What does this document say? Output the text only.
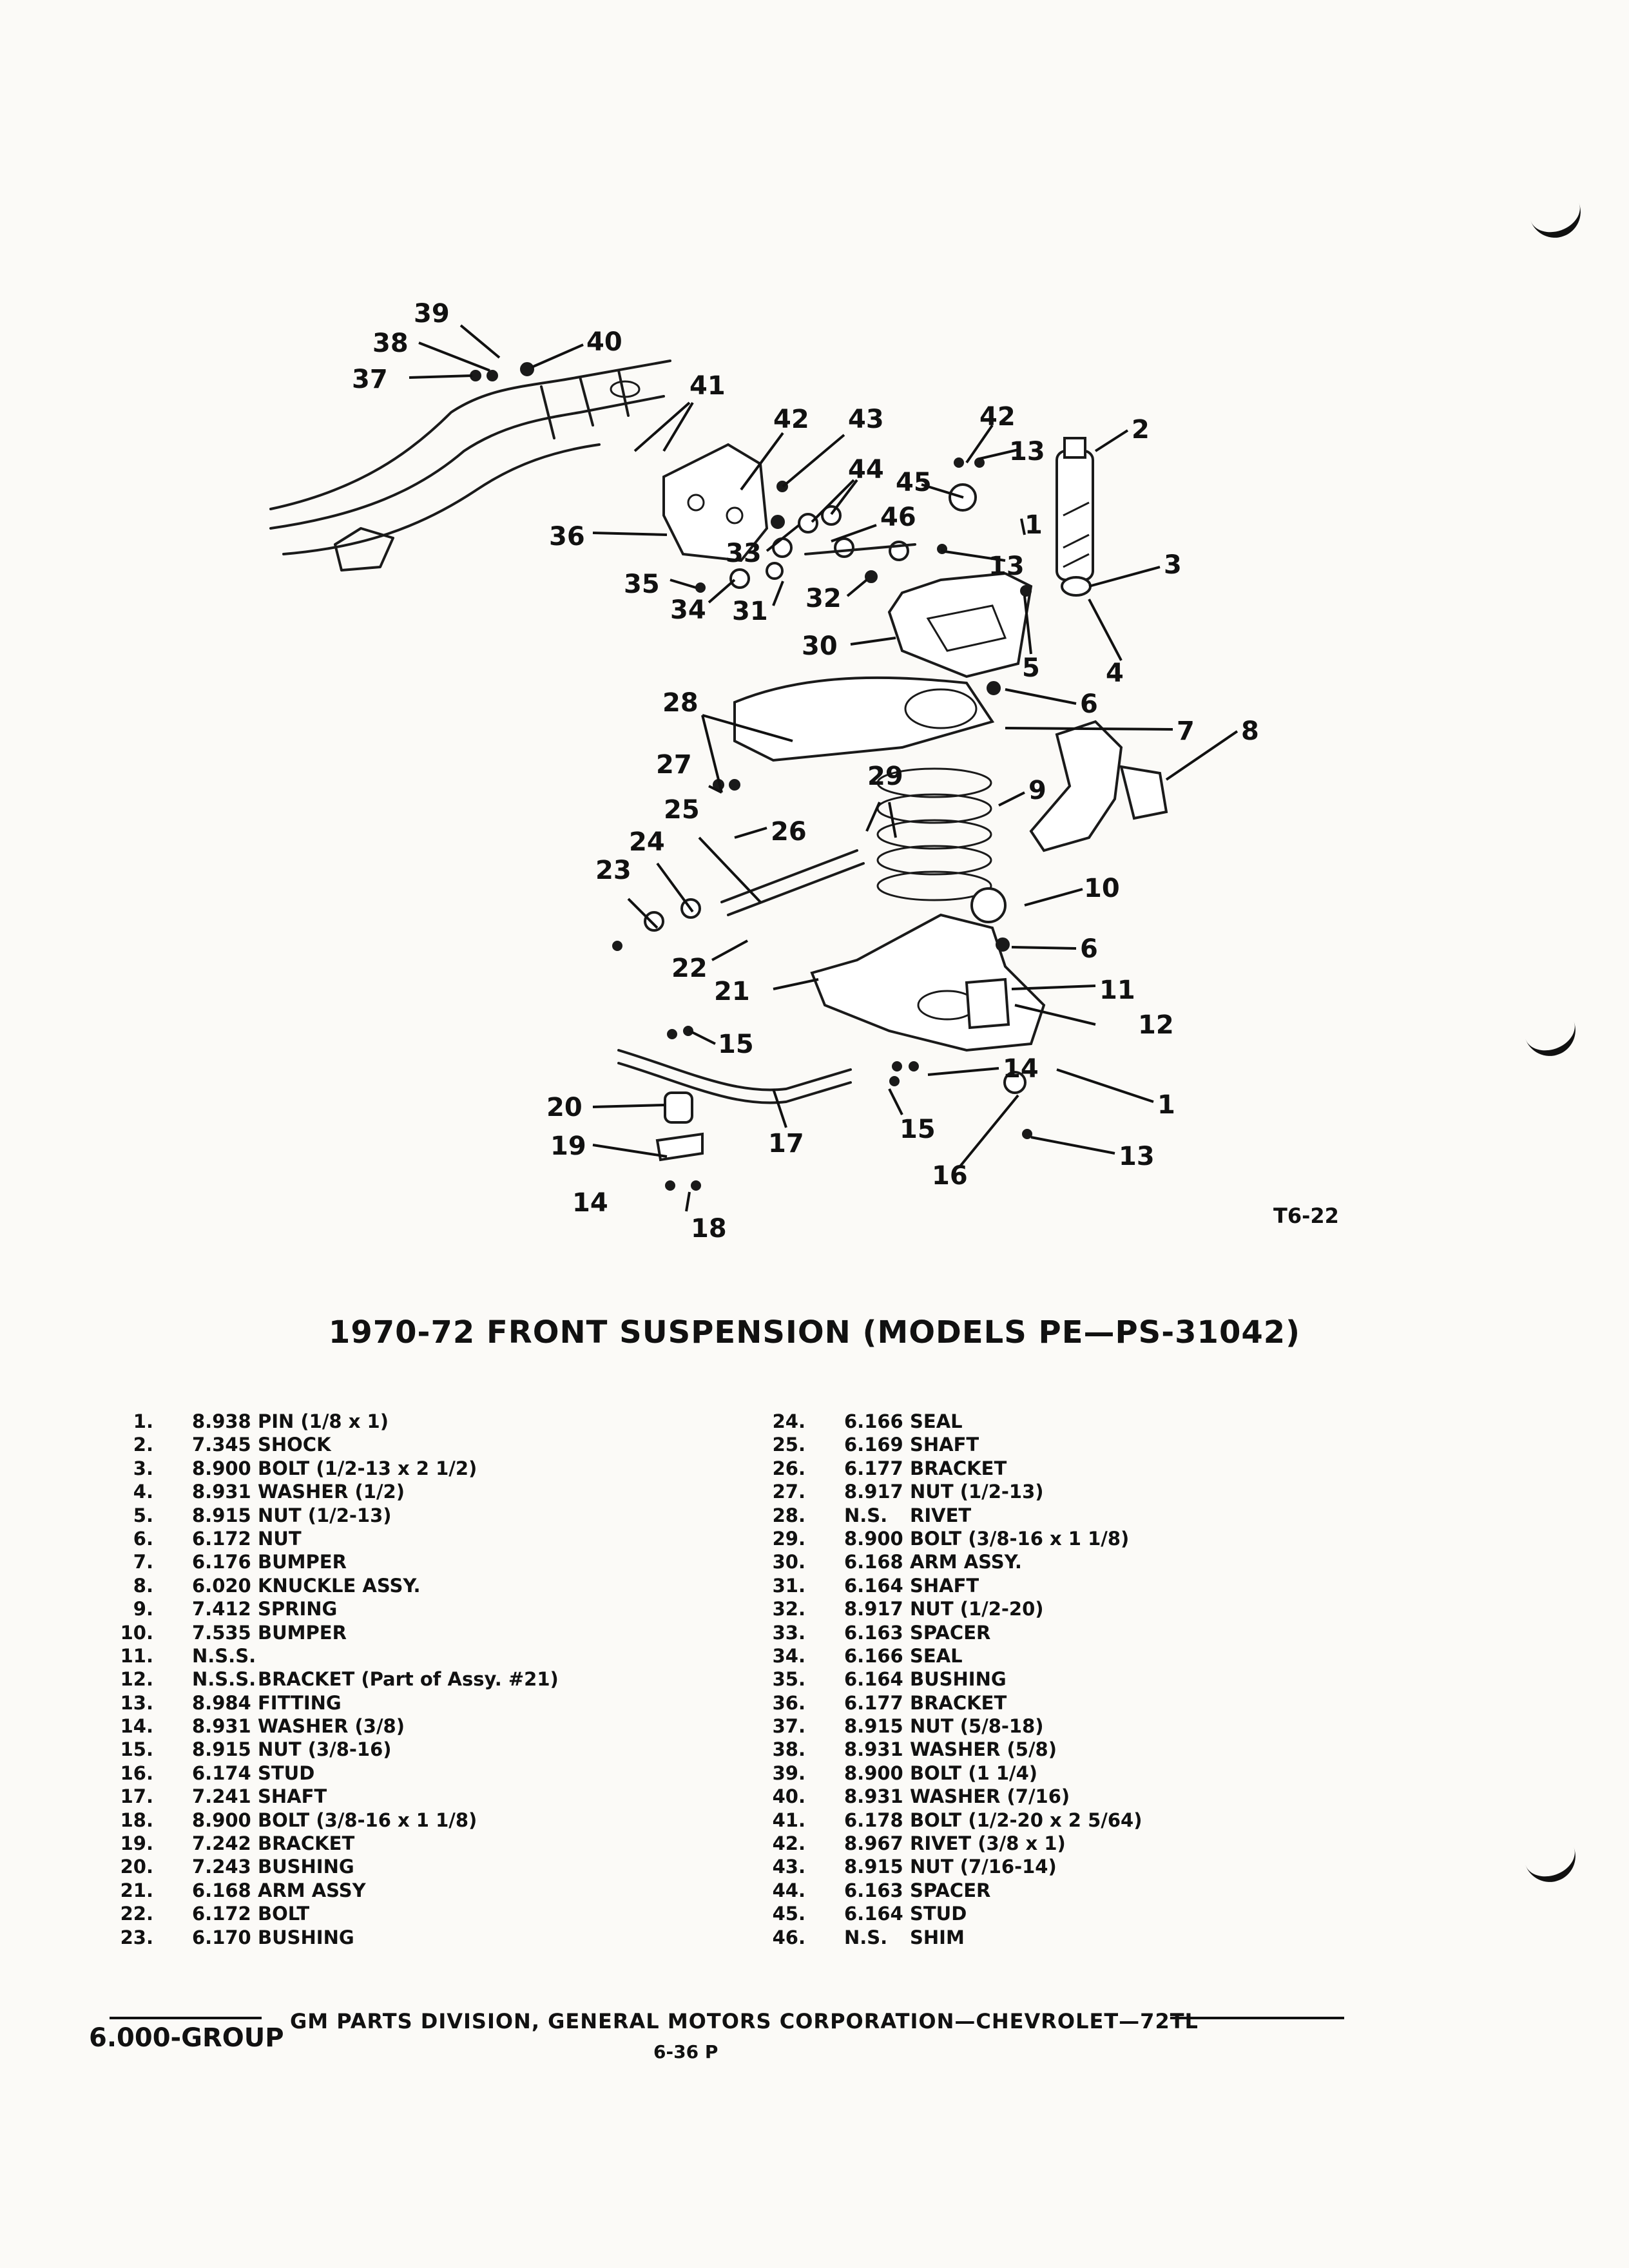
1
1
2
3
4
5
6
6
7 8
9
10
11
12
13
13
13
14
14
15
15
16
17
18
19
20
21
22
23
24
25
26
27
28
29
30
31 32
33
34
35
36
37
38
39
40
41
42	42
43
44 45
46
T6-22
1970-72 FRONT SUSPENSION (MODELS PE—PS-31042)
1. 8.938 PIN (1/8 x 1)
2. 7.345 SHOCK
3. 8.900 BOLT (1/2-13 x 2 1/2)
4. 8.931 WASHER (1/2)
5. 8.915 NUT (1/2-13)
6. 6.172 NUT
7. 6.176 BUMPER
8. 6.020 KNUCKLE ASSY.
9. 7.412 SPRING
10. 7.535 BUMPER
11. N.S.S.
12. N.S.S. BRACKET (Part of Assy. #21)
13. 8.984 FITTING
14. 8.931 WASHER (3/8)
15. 8.915 NUT (3/8-16)
16. 6.174 STUD
17. 7.241 SHAFT
18. 8.900 BOLT (3/8-16 x 1 1/8)
19. 7.242 BRACKET
20. 7.243 BUSHING
21. 6.168 ARM ASSY
22. 6.172 BOLT
23. 6.170 BUSHING
24. 6.166 SEAL
25. 6.169 SHAFT
26. 6.177 BRACKET
27. 8.917 NUT (1/2-13)
28. N.S. RIVET
29. 8.900 BOLT (3/8-16 x 1 1/8)
30. 6.168 ARM ASSY.
31. 6.164 SHAFT
32. 8.917 NUT (1/2-20)
33. 6.163 SPACER
34. 6.166 SEAL
35. 6.164 BUSHING
36. 6.177 BRACKET
37. 8.915 NUT (5/8-18)
38. 8.931 WASHER (5/8)
39. 8.900 BOLT (1 1/4)
40. 8.931 WASHER (7/16)
41. 6.178 BOLT (1/2-20 x 2 5/64)
42. 8.967 RIVET (3/8 x 1)
43. 8.915 NUT (7/16-14)
44. 6.163 SPACER
45. 6.164 STUD
46. N.S. SHIM
GM PARTS DIVISION, GENERAL MOTORS CORPORATION—CHEVROLET—72TL
6.000-GROUP	6-36 P
